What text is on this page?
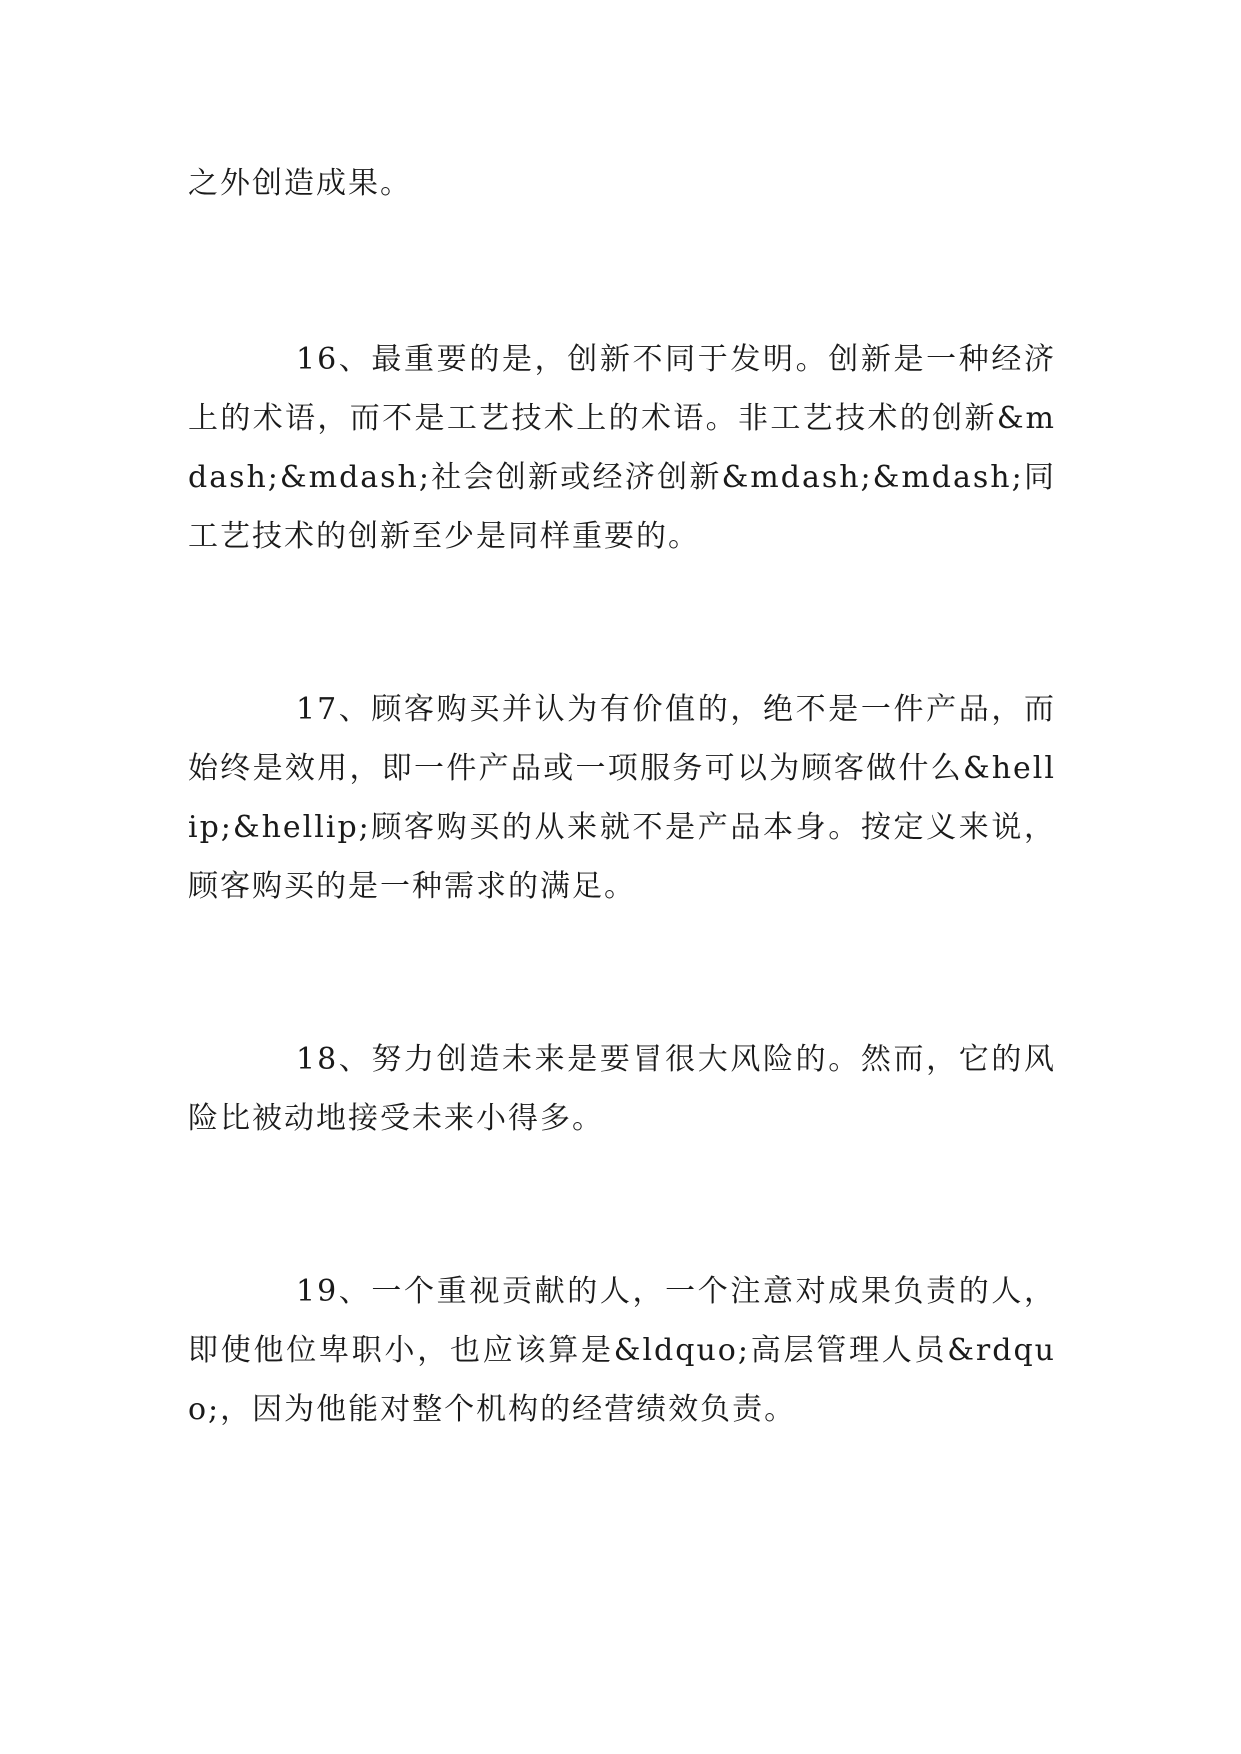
之外创造成果。

16、最重要的是，创新不同于发明。创新是一种经济上的术语，而不是工艺技术上的术语。非工艺技术的创新&mdash;&mdash;社会创新或经济创新&mdash;&mdash;同工艺技术的创新至少是同样重要的。

17、顾客购买并认为有价值的，绝不是一件产品，而始终是效用，即一件产品或一项服务可以为顾客做什么&hellip;&hellip;顾客购买的从来就不是产品本身。按定义来说，顾客购买的是一种需求的满足。

18、努力创造未来是要冒很大风险的。然而，它的风险比被动地接受未来小得多。

19、一个重视贡献的人，一个注意对成果负责的人，即使他位卑职小，也应该算是&ldquo;高层管理人员&rdquo;，因为他能对整个机构的经营绩效负责。
